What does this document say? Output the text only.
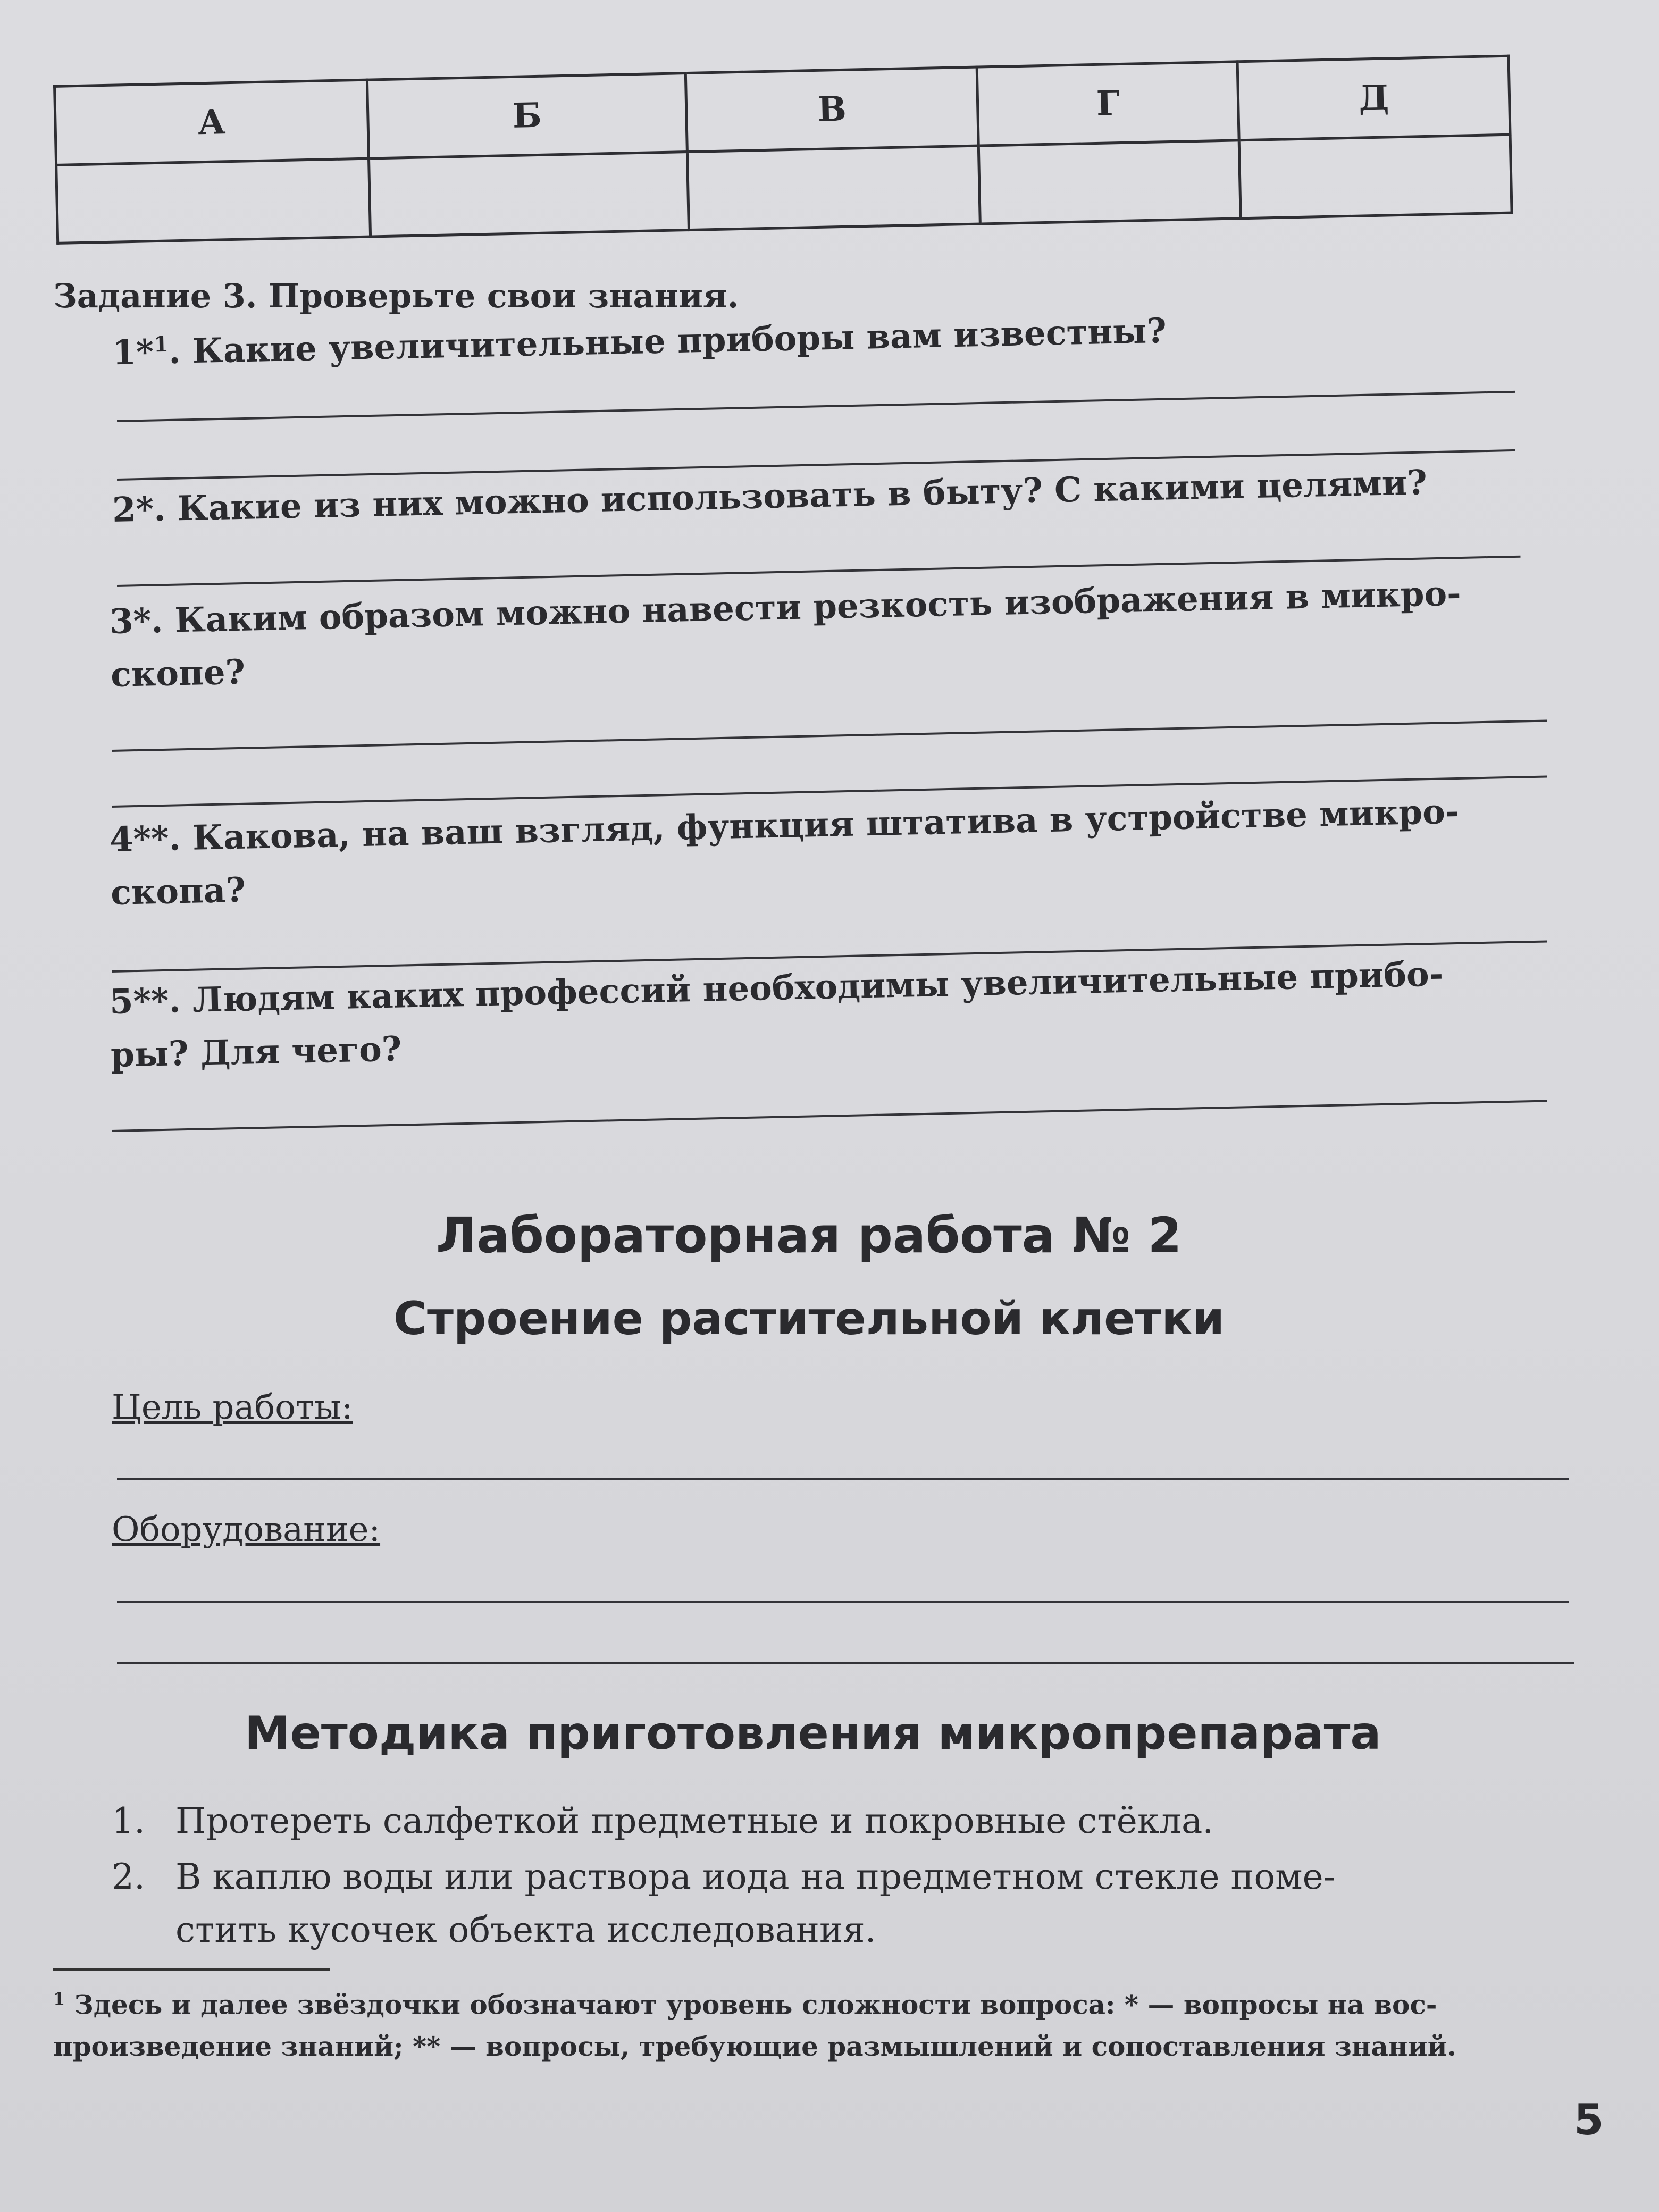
А	Б	В	Г	Д

Задание 3. Проверьте свои знания.
1*$^1$. Какие увеличительные приборы вам известны?
2*. Какие из них можно использовать в быту? С какими целями?
3*. Каким образом можно навести резкость изображения в микро-
скопе?
4**. Какова, на ваш взгляд, функция штатива в устройстве микро-
скопа?
5**. Людям каких профессий необходимы увеличительные прибо-
ры? Для чего?
Лабораторная работа № 2
Строение растительной клетки
Цель работы:
Оборудование:
Методика приготовления микропрепарата
1. Протереть салфеткой предметные и покровные стёкла.
2. В каплю воды или раствора иода на предметном стекле поме-
стить кусочек объекта исследования.
$^1$ Здесь и далее звёздочки обозначают уровень сложности вопроса: * — вопросы на вос-
произведение знаний; ** — вопросы, требующие размышлений и сопоставления знаний.
5
